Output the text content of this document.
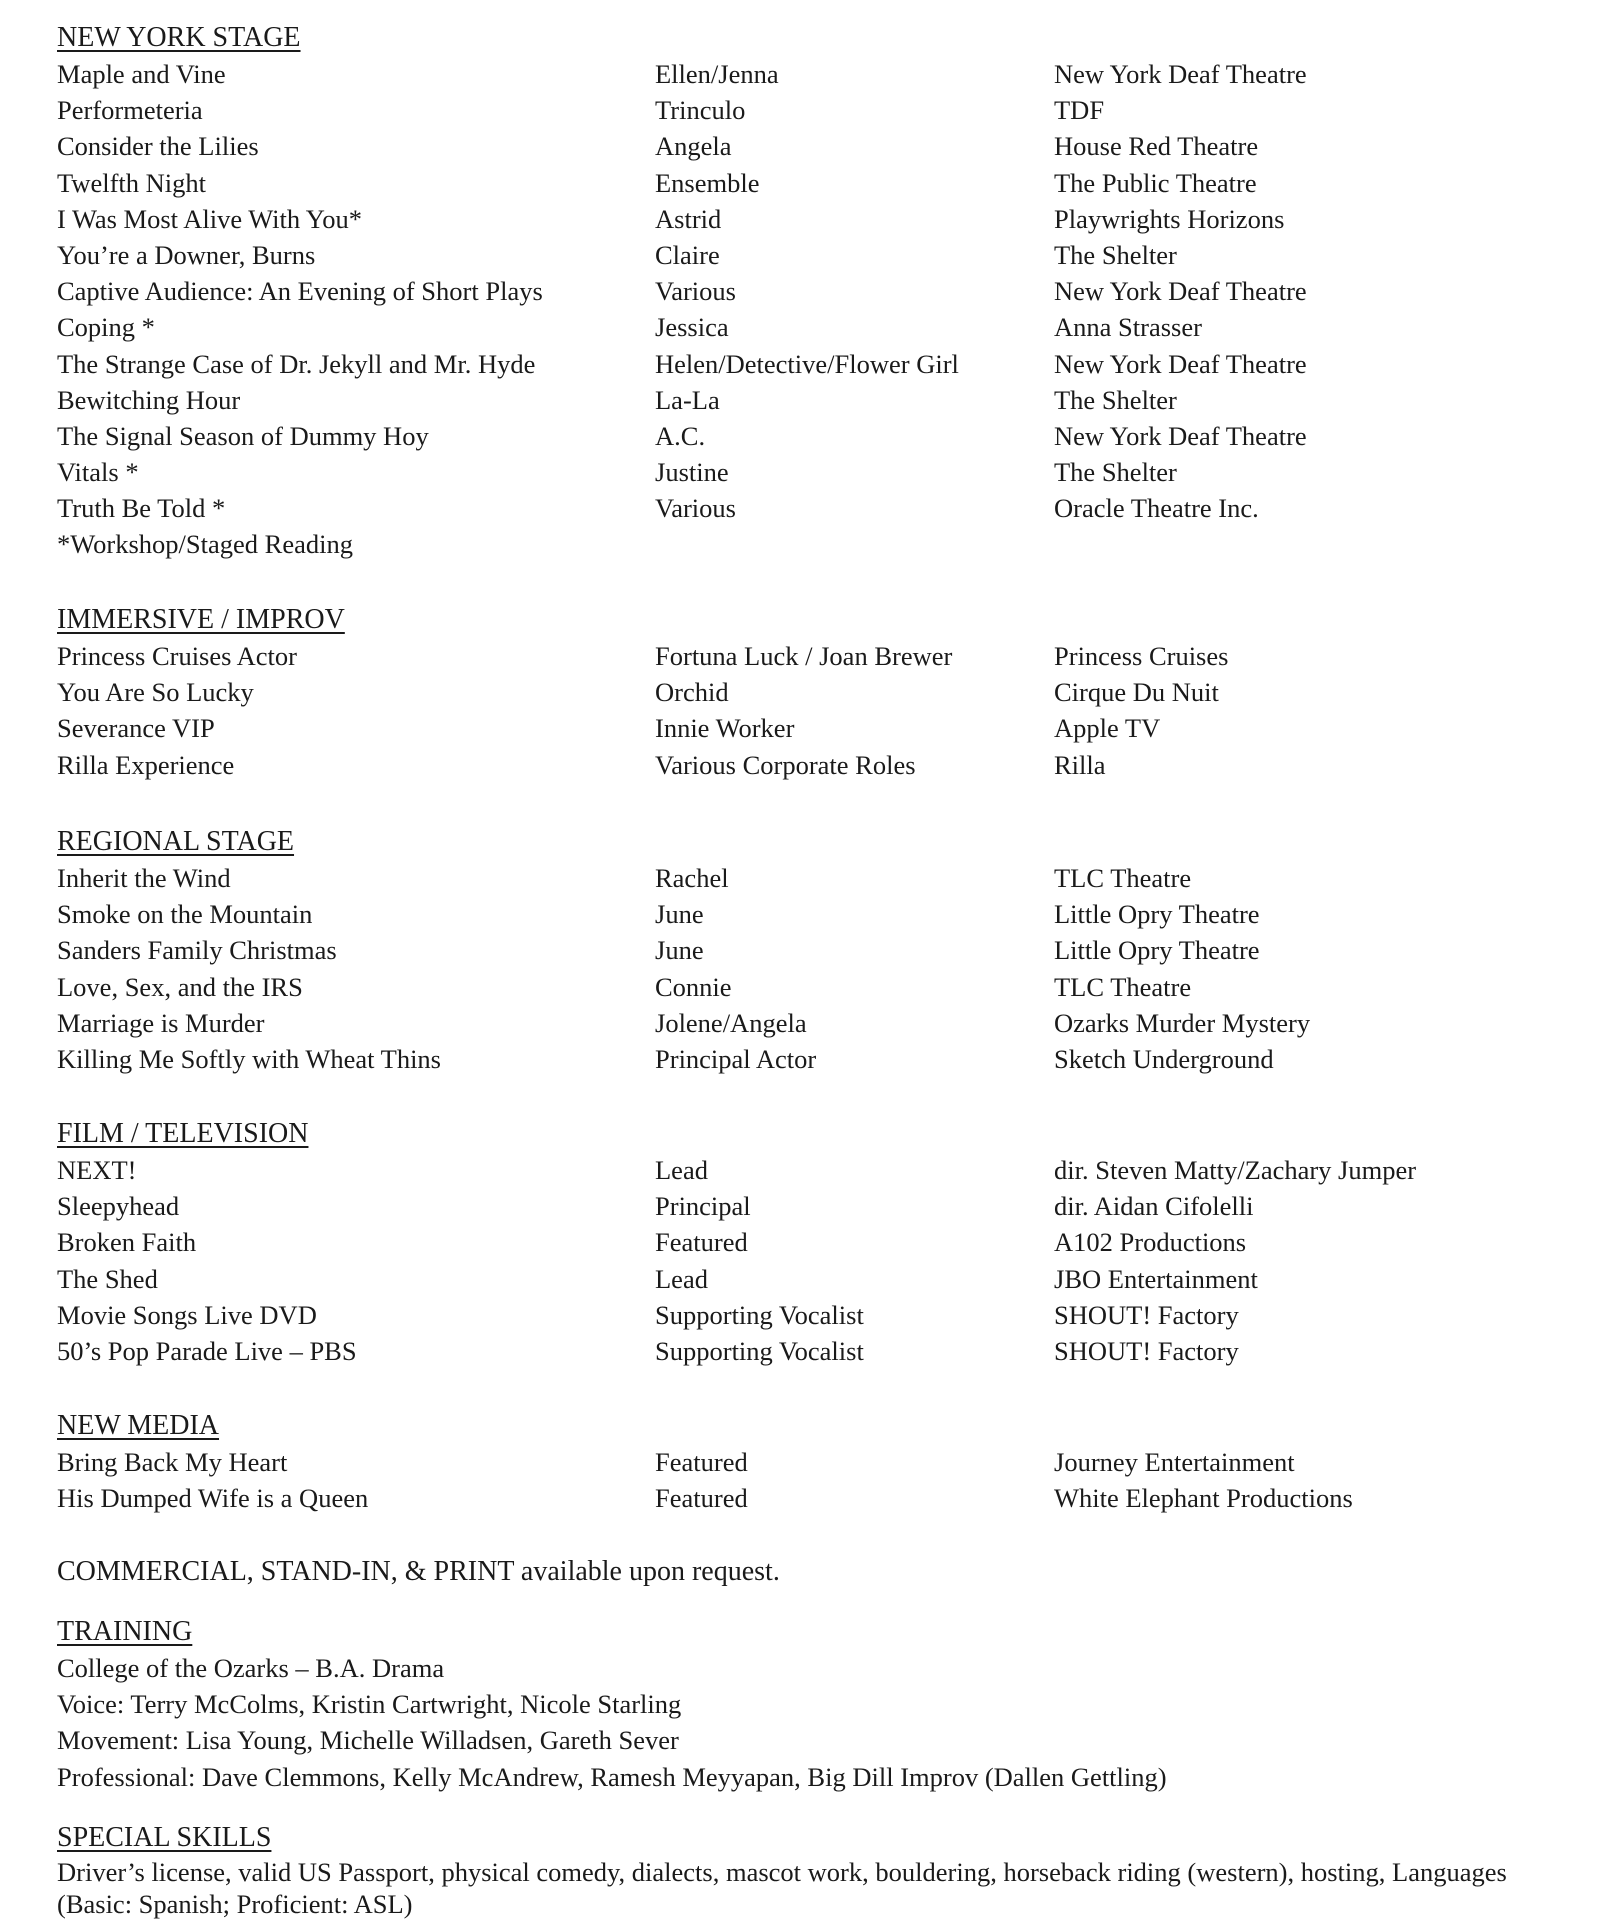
NEW YORK STAGE
Maple and Vine	Ellen/Jenna	New York Deaf Theatre
Performeteria	Trinculo	TDF
Consider the Lilies	Angela	House Red Theatre
Twelfth Night	Ensemble	The Public Theatre
I Was Most Alive With You*	Astrid	Playwrights Horizons
You’re a Downer, Burns	Claire	The Shelter
Captive Audience: An Evening of Short Plays	Various	New York Deaf Theatre
Coping *	Jessica	Anna Strasser
The Strange Case of Dr. Jekyll and Mr. Hyde	Helen/Detective/Flower Girl	New York Deaf Theatre
Bewitching Hour	La-La	The Shelter
The Signal Season of Dummy Hoy	A.C.	New York Deaf Theatre
Vitals *	Justine	The Shelter
Truth Be Told *	Various	Oracle Theatre Inc.
*Workshop/Staged Reading
IMMERSIVE / IMPROV
Princess Cruises Actor	Fortuna Luck / Joan Brewer	Princess Cruises
You Are So Lucky	Orchid	Cirque Du Nuit
Severance VIP	Innie Worker	Apple TV
Rilla Experience	Various Corporate Roles	Rilla
REGIONAL STAGE
Inherit the Wind	Rachel	TLC Theatre
Smoke on the Mountain	June	Little Opry Theatre
Sanders Family Christmas	June	Little Opry Theatre
Love, Sex, and the IRS	Connie	TLC Theatre
Marriage is Murder	Jolene/Angela	Ozarks Murder Mystery
Killing Me Softly with Wheat Thins	Principal Actor	Sketch Underground
FILM / TELEVISION
NEXT!	Lead	dir. Steven Matty/Zachary Jumper
Sleepyhead	Principal	dir. Aidan Cifolelli
Broken Faith	Featured	A102 Productions
The Shed	Lead	JBO Entertainment
Movie Songs Live DVD	Supporting Vocalist	SHOUT! Factory
50’s Pop Parade Live – PBS	Supporting Vocalist	SHOUT! Factory
NEW MEDIA
Bring Back My Heart	Featured	Journey Entertainment
His Dumped Wife is a Queen	Featured	White Elephant Productions
COMMERCIAL, STAND-IN, & PRINT available upon request.
TRAINING
College of the Ozarks – B.A. Drama
Voice: Terry McColms, Kristin Cartwright, Nicole Starling
Movement: Lisa Young, Michelle Willadsen, Gareth Sever
Professional: Dave Clemmons, Kelly McAndrew, Ramesh Meyyapan, Big Dill Improv (Dallen Gettling)
SPECIAL SKILLS
Driver’s license, valid US Passport, physical comedy, dialects, mascot work, bouldering, horseback riding (western), hosting, Languages (Basic: Spanish; Proficient: ASL)
